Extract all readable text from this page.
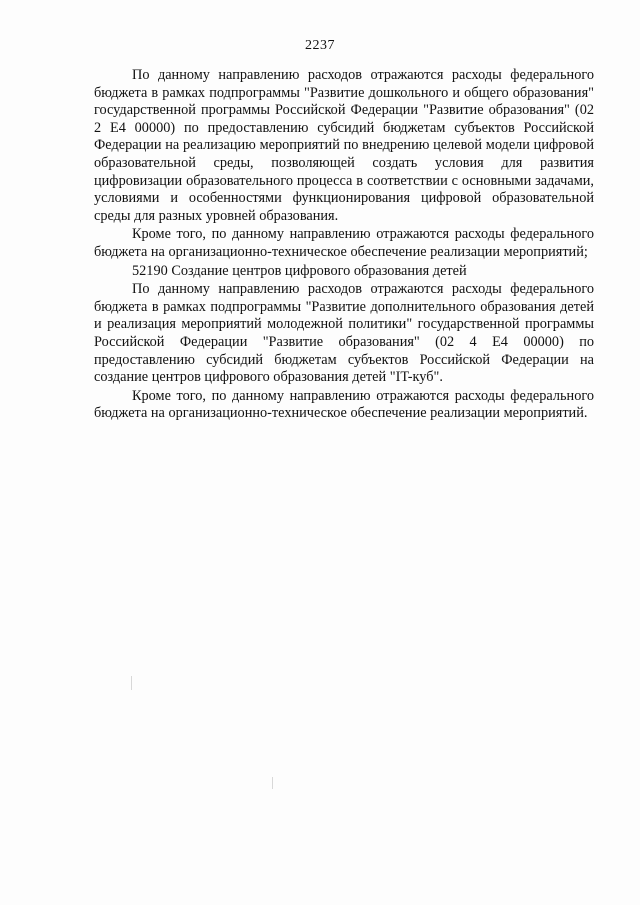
2237

По данному направлению расходов отражаются расходы федерального бюджета в рамках подпрограммы "Развитие дошкольного и общего образования" государственной программы Российской Федерации "Развитие образования" (02 2 Е4 00000) по предоставлению субсидий бюджетам субъектов Российской Федерации на реализацию мероприятий по внедрению целевой модели цифровой образовательной среды, позволяющей создать условия для развития цифровизации образовательного процесса в соответствии с основными задачами, условиями и особенностями функционирования цифровой образовательной среды для разных уровней образования.

Кроме того, по данному направлению отражаются расходы федерального бюджета на организационно-техническое обеспечение реализации мероприятий;

52190 Создание центров цифрового образования детей

По данному направлению расходов отражаются расходы федерального бюджета в рамках подпрограммы "Развитие дополнительного образования детей и реализация мероприятий молодежной политики" государственной программы Российской Федерации "Развитие образования" (02 4 Е4 00000) по предоставлению субсидий бюджетам субъектов Российской Федерации на создание центров цифрового образования детей "IT-куб".

Кроме того, по данному направлению отражаются расходы федерального бюджета на организационно-техническое обеспечение реализации мероприятий.
